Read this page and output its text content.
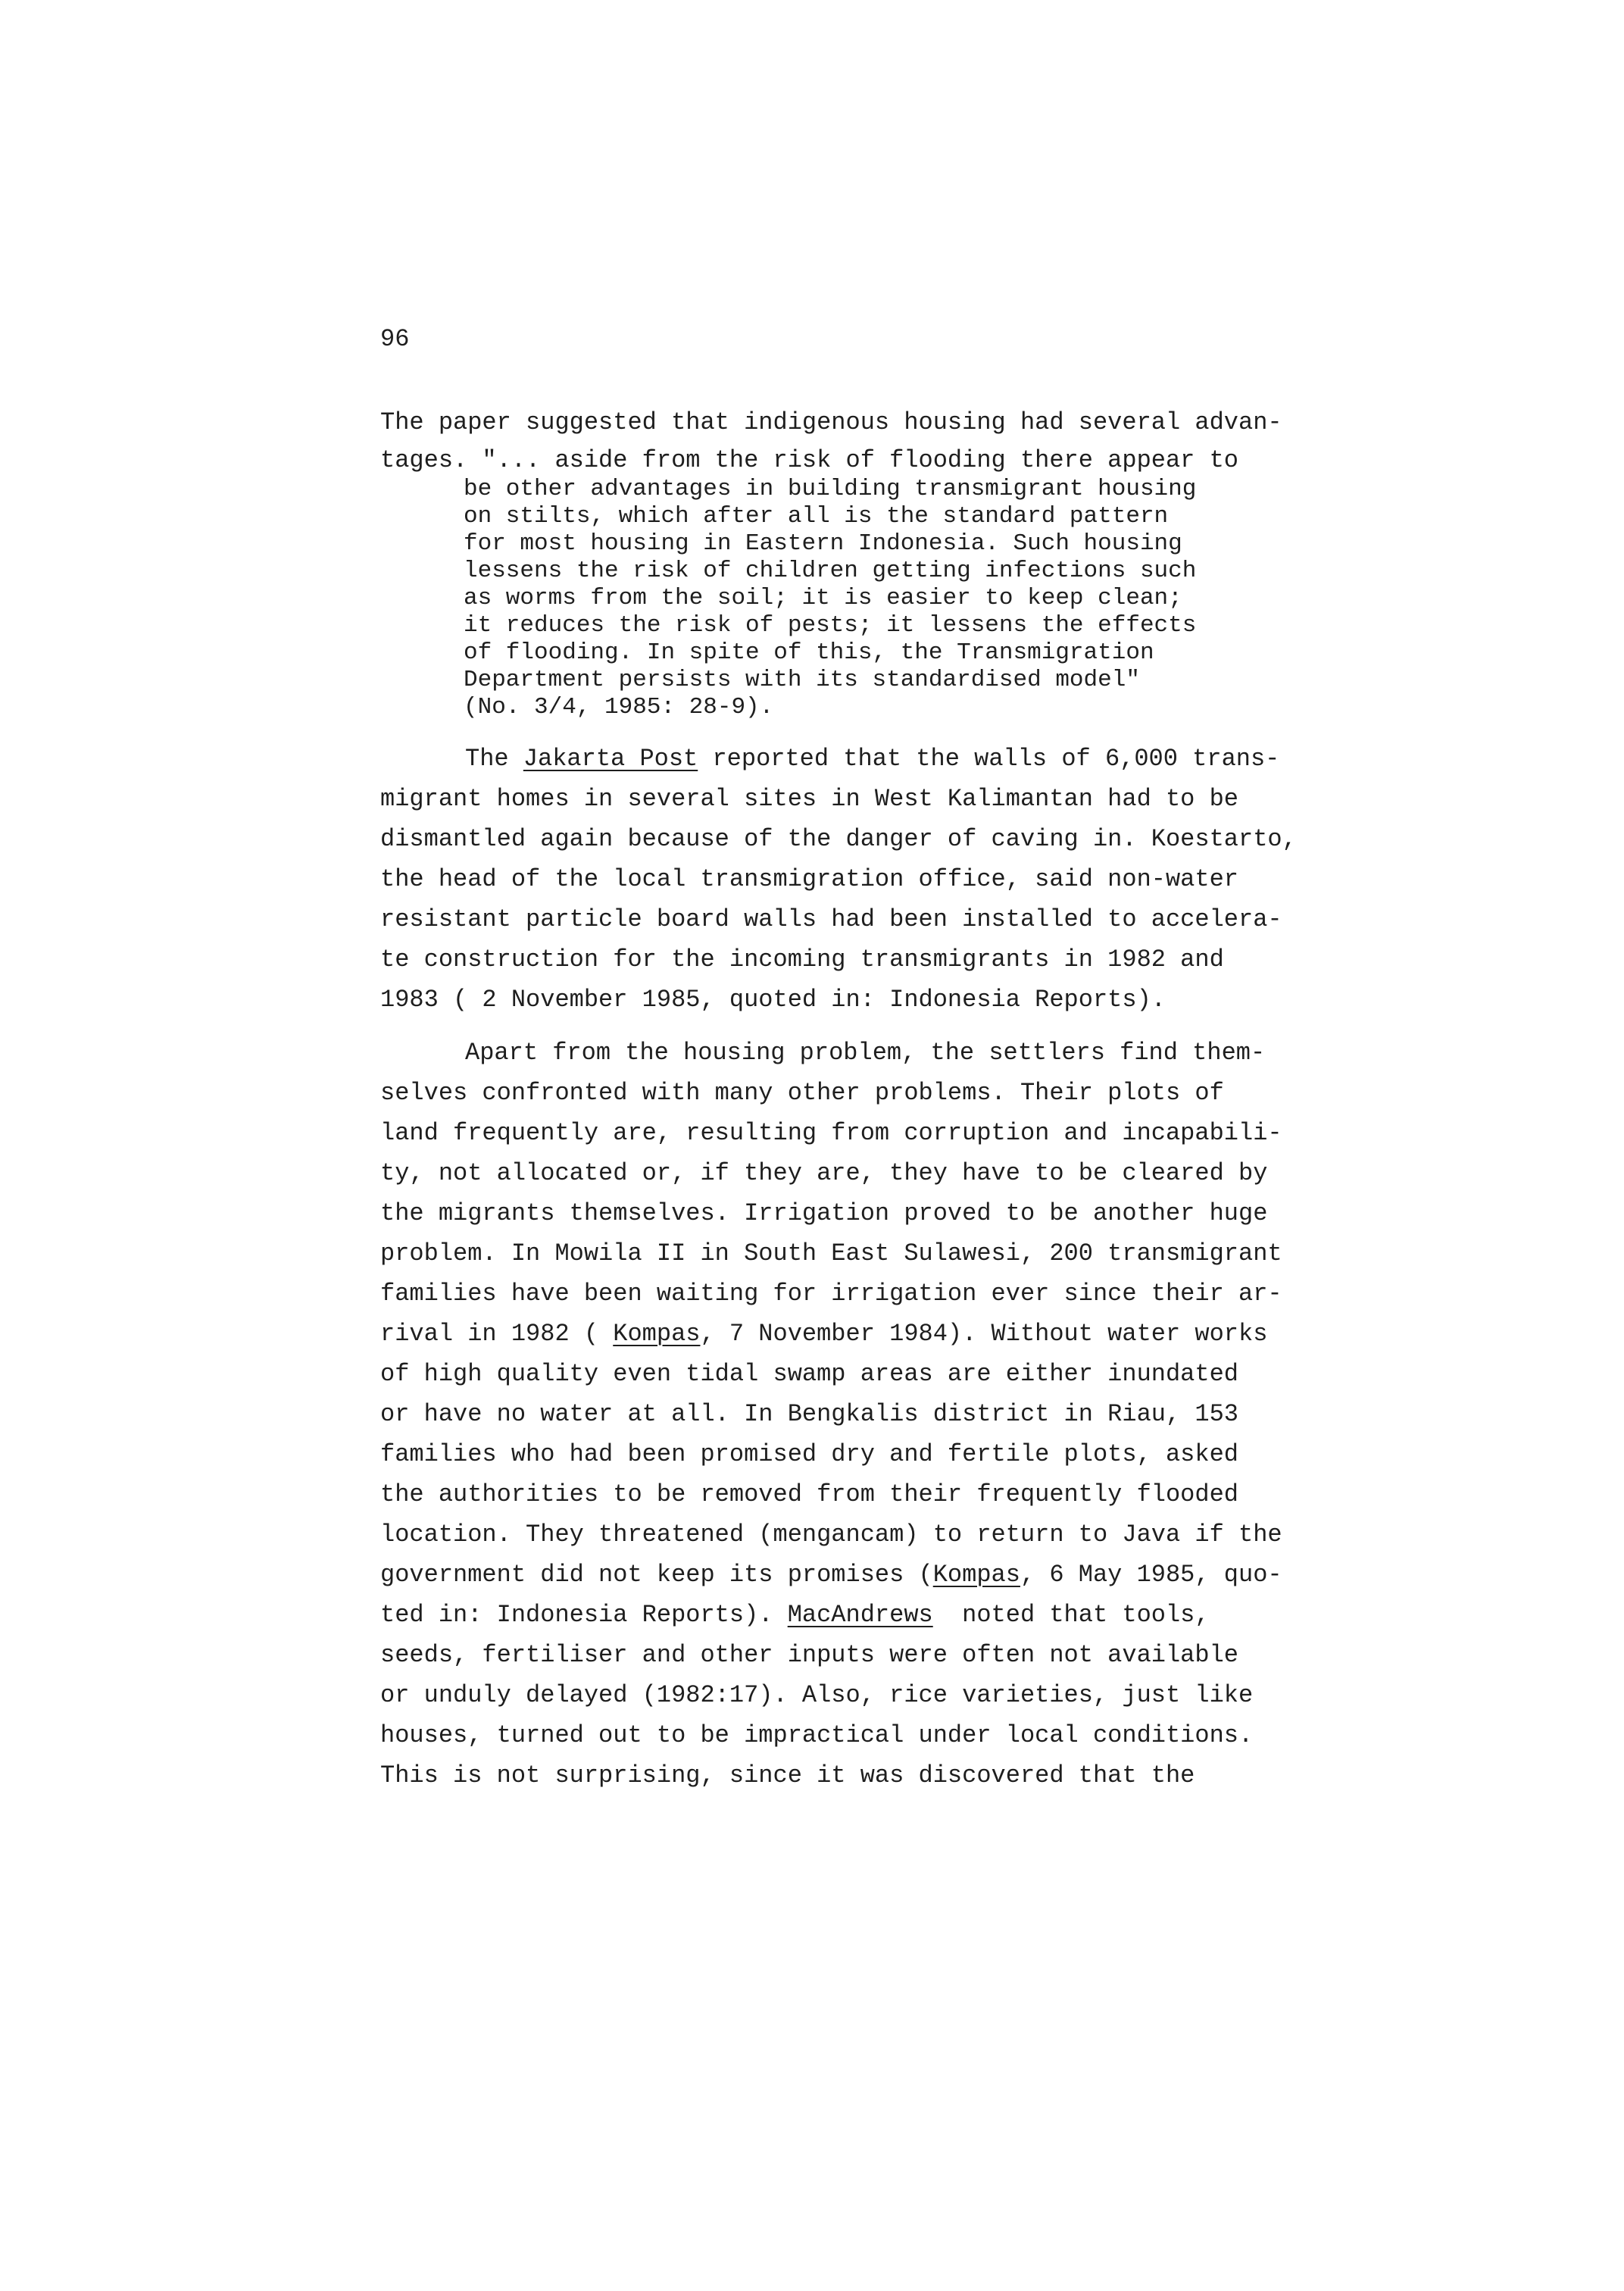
96

The paper suggested that indigenous housing had several advan-

tages. "... aside from the risk of flooding there appear to

be other advantages in building transmigrant housing

on stilts, which after all is the standard pattern

for most housing in Eastern Indonesia. Such housing

lessens the risk of children getting infections such

as worms from the soil; it is easier to keep clean;

it reduces the risk of pests; it lessens the effects

of flooding. In spite of this, the Transmigration

Department persists with its standardised model"

(No. 3/4, 1985: 28-9).

The Jakarta Post reported that the walls of 6,000 trans-

migrant homes in several sites in West Kalimantan had to be

dismantled again because of the danger of caving in. Koestarto,

the head of the local transmigration office, said non-water

resistant particle board walls had been installed to accelera-

te construction for the incoming transmigrants in 1982 and

1983 ( 2 November 1985, quoted in: Indonesia Reports).

Apart from the housing problem, the settlers find them-

selves confronted with many other problems. Their plots of

land frequently are, resulting from corruption and incapabili-

ty, not allocated or, if they are, they have to be cleared by

the migrants themselves. Irrigation proved to be another huge

problem. In Mowila II in South East Sulawesi, 200 transmigrant

families have been waiting for irrigation ever since their ar-

rival in 1982 ( Kompas, 7 November 1984). Without water works

of high quality even tidal swamp areas are either inundated

or have no water at all. In Bengkalis district in Riau, 153

families who had been promised dry and fertile plots, asked

the authorities to be removed from their frequently flooded

location. They threatened (mengancam) to return to Java if the

government did not keep its promises (Kompas, 6 May 1985, quo-

ted in: Indonesia Reports). MacAndrews  noted that tools,

seeds, fertiliser and other inputs were often not available

or unduly delayed (1982:17). Also, rice varieties, just like

houses, turned out to be impractical under local conditions.

This is not surprising, since it was discovered that the
